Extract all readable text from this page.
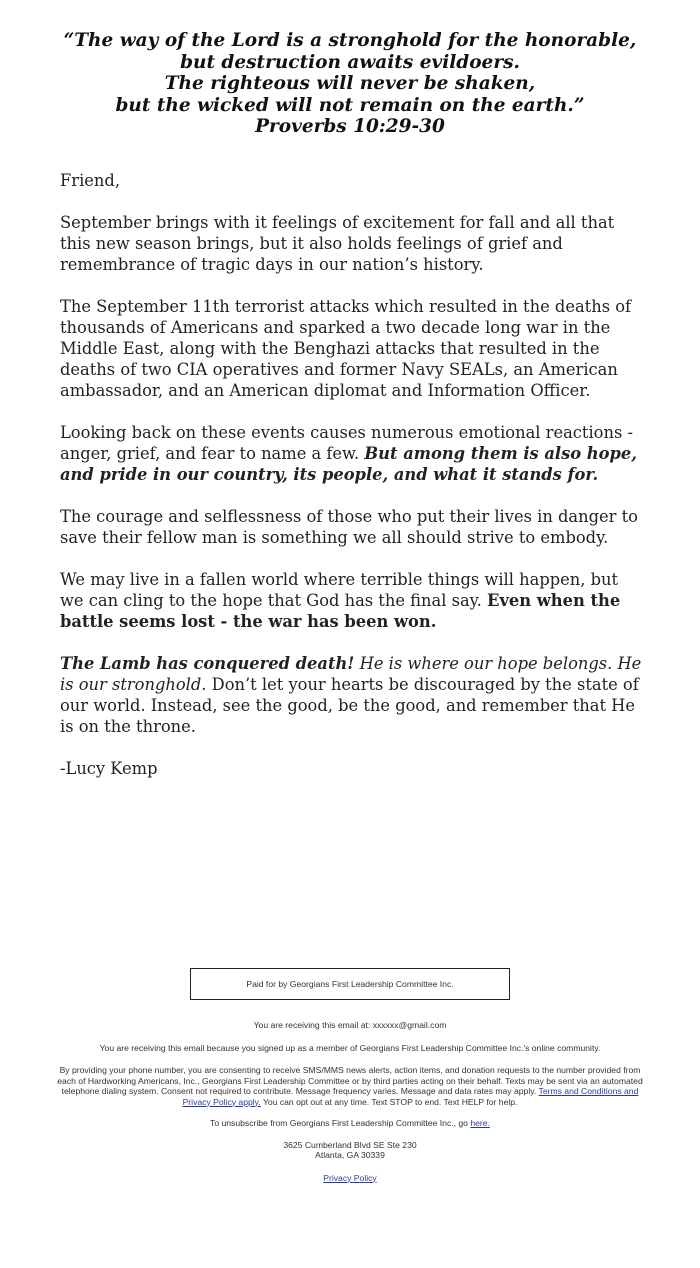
“The way of the Lord is a stronghold for the honorable,
but destruction awaits evildoers.
The righteous will never be shaken,
but the wicked will not remain on the earth.”
Proverbs 10:29-30

Friend,

September brings with it feelings of excitement for fall and all that this new season brings, but it also holds feelings of grief and remembrance of tragic days in our nation’s history.

The September 11th terrorist attacks which resulted in the deaths of thousands of Americans and sparked a two decade long war in the Middle East, along with the Benghazi attacks that resulted in the deaths of two CIA operatives and former Navy SEALs, an American ambassador, and an American diplomat and Information Officer.

Looking back on these events causes numerous emotional reactions - anger, grief, and fear to name a few. But among them is also hope, and pride in our country, its people, and what it stands for.

The courage and selflessness of those who put their lives in danger to save their fellow man is something we all should strive to embody.

We may live in a fallen world where terrible things will happen, but we can cling to the hope that God has the final say. Even when the battle seems lost - the war has been won.

The Lamb has conquered death! He is where our hope belongs. He is our stronghold. Don’t let your hearts be discouraged by the state of our world. Instead, see the good, be the good, and remember that He is on the throne.

-Lucy Kemp

Paid for by Georgians First Leadership Committee Inc.
You are receiving this email at: xxxxxx@gmail.com
You are receiving this email because you signed up as a member of Georgians First Leadership Committee Inc.'s online community.
By providing your phone number, you are consenting to receive SMS/MMS news alerts, action items, and donation requests to the number provided from each of Hardworking Americans, Inc., Georgians First Leadership Committee or by third parties acting on their behalf. Texts may be sent via an automated telephone dialing system. Consent not required to contribute. Message frequency varies. Message and data rates may apply. Terms and Conditions and Privacy Policy apply. You can opt out at any time. Text STOP to end. Text HELP for help.
To unsubscribe from Georgians First Leadership Committee Inc., go here.
3625 Cumberland Blvd SE Ste 230
Atlanta, GA 30339
Privacy Policy
